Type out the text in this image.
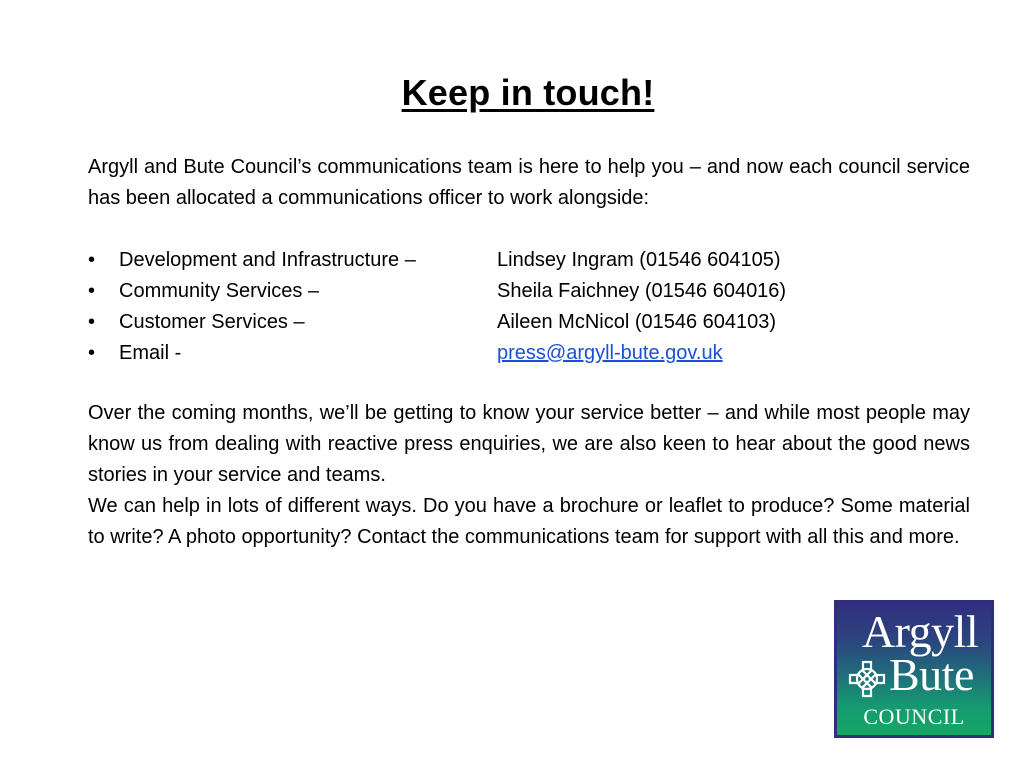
Keep in touch!
Argyll and Bute Council’s communications team is here to help you – and now each council service has been allocated a communications officer to work alongside:
• Development and Infrastructure –	Lindsey Ingram (01546 604105)
• Community Services –	Sheila Faichney (01546 604016)
• Customer Services –	Aileen McNicol (01546 604103)
• Email -	press@argyll-bute.gov.uk

Over the coming months, we’ll be getting to know your service better – and while most people may know us from dealing with reactive press enquiries, we are also keen to hear about the good news stories in your service and teams.

We can help in lots of different ways. Do you have a brochure or leaflet to produce? Some material to write? A photo opportunity? Contact the communications team for support with all this and more.

Argyll
Bute
COUNCIL
